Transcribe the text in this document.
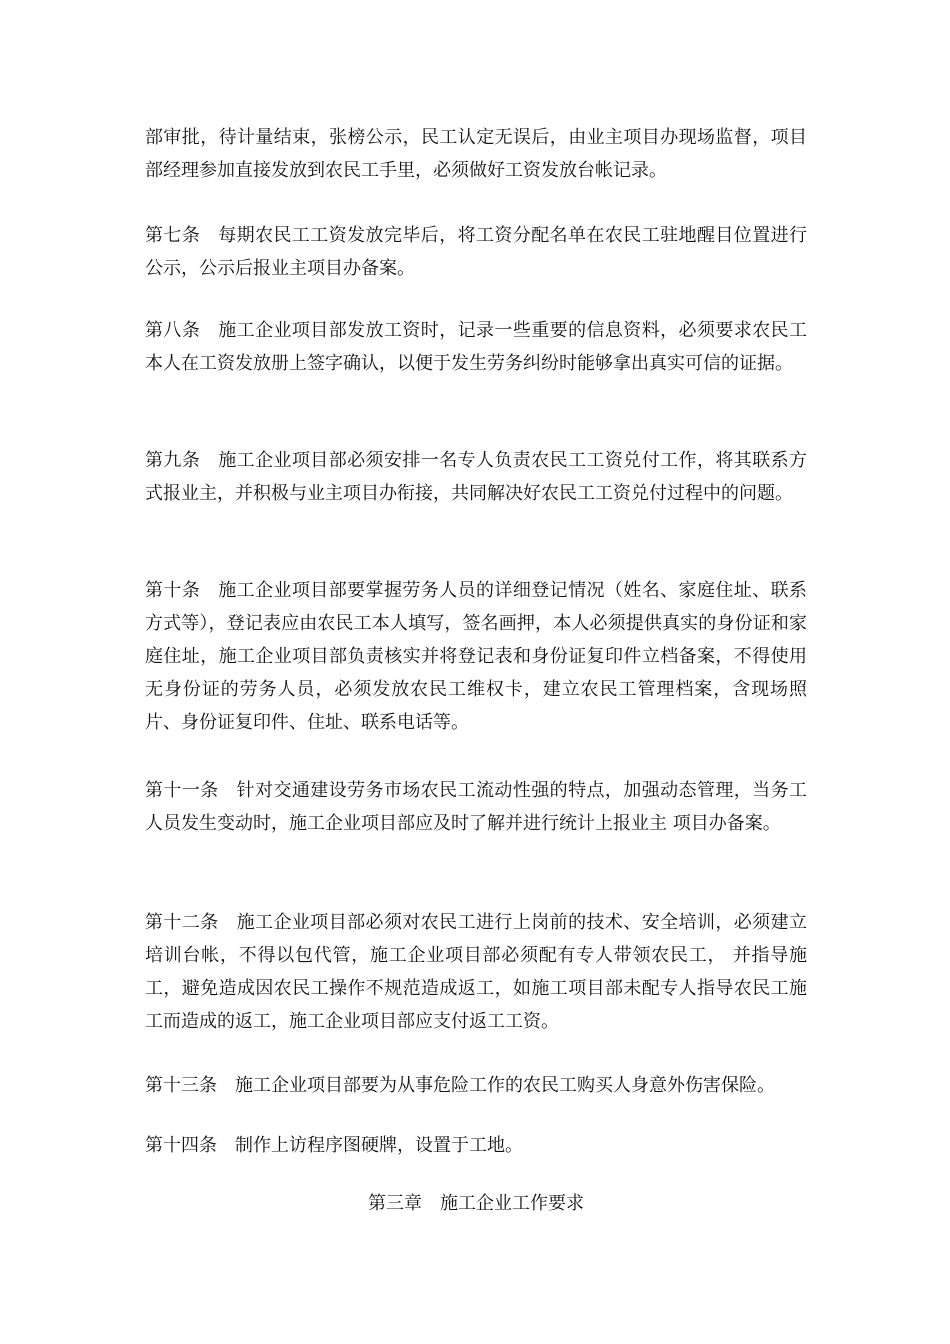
部审批，待计量结束，张榜公示，民工认定无误后，由业主项目办现场监督，项目部经理参加直接发放到农民工手里，必须做好工资发放台帐记录。

第七条 每期农民工工资发放完毕后，将工资分配名单在农民工驻地醒目位置进行公示，公示后报业主项目办备案。

第八条 施工企业项目部发放工资时，记录一些重要的信息资料，必须要求农民工本人在工资发放册上签字确认，以便于发生劳务纠纷时能够拿出真实可信的证据。

第九条 施工企业项目部必须安排一名专人负责农民工工资兑付工作，将其联系方式报业主，并积极与业主项目办衔接，共同解决好农民工工资兑付过程中的问题。

第十条 施工企业项目部要掌握劳务人员的详细登记情况（姓名、家庭住址、联系方式等），登记表应由农民工本人填写，签名画押，本人必须提供真实的身份证和家庭住址，施工企业项目部负责核实并将登记表和身份证复印件立档备案，不得使用无身份证的劳务人员，必须发放农民工维权卡，建立农民工管理档案，含现场照片、身份证复印件、住址、联系电话等。

第十一条 针对交通建设劳务市场农民工流动性强的特点，加强动态管理，当务工人员发生变动时，施工企业项目部应及时了解并进行统计上报业主 项目办备案。

第十二条 施工企业项目部必须对农民工进行上岗前的技术、安全培训，必须建立培训台帐，不得以包代管，施工企业项目部必须配有专人带领农民工， 并指导施工，避免造成因农民工操作不规范造成返工，如施工项目部未配专人指导农民工施工而造成的返工，施工企业项目部应支付返工工资。

第十三条 施工企业项目部要为从事危险工作的农民工购买人身意外伤害保险。

第十四条 制作上访程序图硬牌，设置于工地。

第三章 施工企业工作要求
